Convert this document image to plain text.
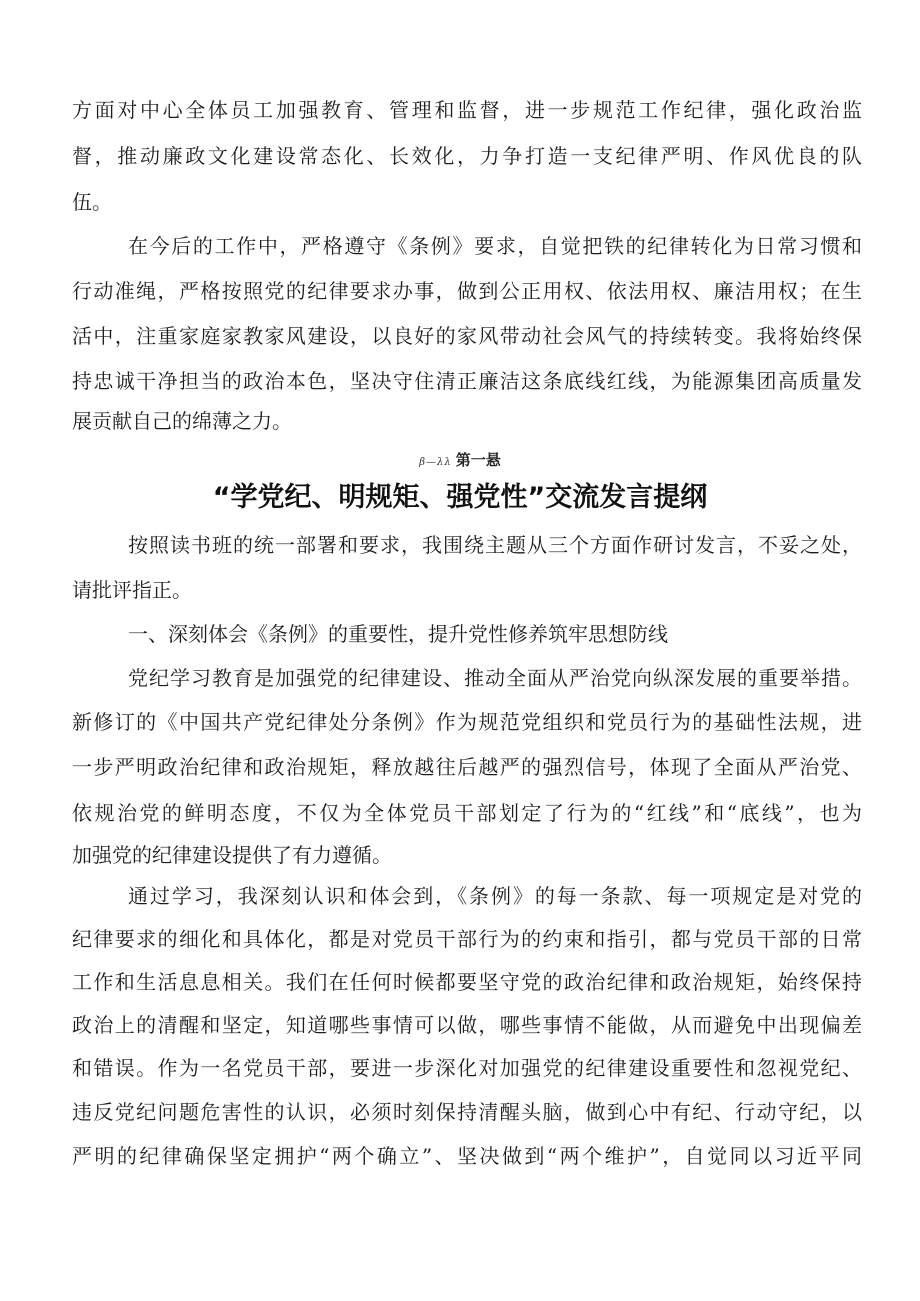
方面对中心全体员工加强教育、管理和监督，进一步规范工作纪律，强化政治监

督，推动廉政文化建设常态化、长效化，力争打造一支纪律严明、作风优良的队

伍。

在今后的工作中，严格遵守《条例》要求，自觉把铁的纪律转化为日常习惯和

行动准绳，严格按照党的纪律要求办事，做到公正用权、依法用权、廉洁用权；在生

活中，注重家庭家教家风建设，以良好的家风带动社会风气的持续转变。我将始终保

持忠诚干净担当的政治本色，坚决守住清正廉洁这条底线红线，为能源集团高质量发

展贡献自己的绵薄之力。

β—λλ 第一悬
“学党纪、明规矩、强党性”交流发言提纲

按照读书班的统一部署和要求，我围绕主题从三个方面作研讨发言，不妥之处，

请批评指正。

一、深刻体会《条例》的重要性，提升党性修养筑牢思想防线

党纪学习教育是加强党的纪律建设、推动全面从严治党向纵深发展的重要举措。

新修订的《中国共产党纪律处分条例》作为规范党组织和党员行为的基础性法规，进

一步严明政治纪律和政治规矩，释放越往后越严的强烈信号，体现了全面从严治党、

依规治党的鲜明态度，不仅为全体党员干部划定了行为的“红线”和“底线”，也为

加强党的纪律建设提供了有力遵循。

通过学习，我深刻认识和体会到，《条例》的每一条款、每一项规定是对党的

纪律要求的细化和具体化，都是对党员干部行为的约束和指引，都与党员干部的日常

工作和生活息息相关。我们在任何时候都要坚守党的政治纪律和政治规矩，始终保持

政治上的清醒和坚定，知道哪些事情可以做，哪些事情不能做，从而避免中出现偏差

和错误。作为一名党员干部，要进一步深化对加强党的纪律建设重要性和忽视党纪、

违反党纪问题危害性的认识，必须时刻保持清醒头脑，做到心中有纪、行动守纪，以

严明的纪律确保坚定拥护“两个确立”、坚决做到“两个维护”，自觉同以习近平同
